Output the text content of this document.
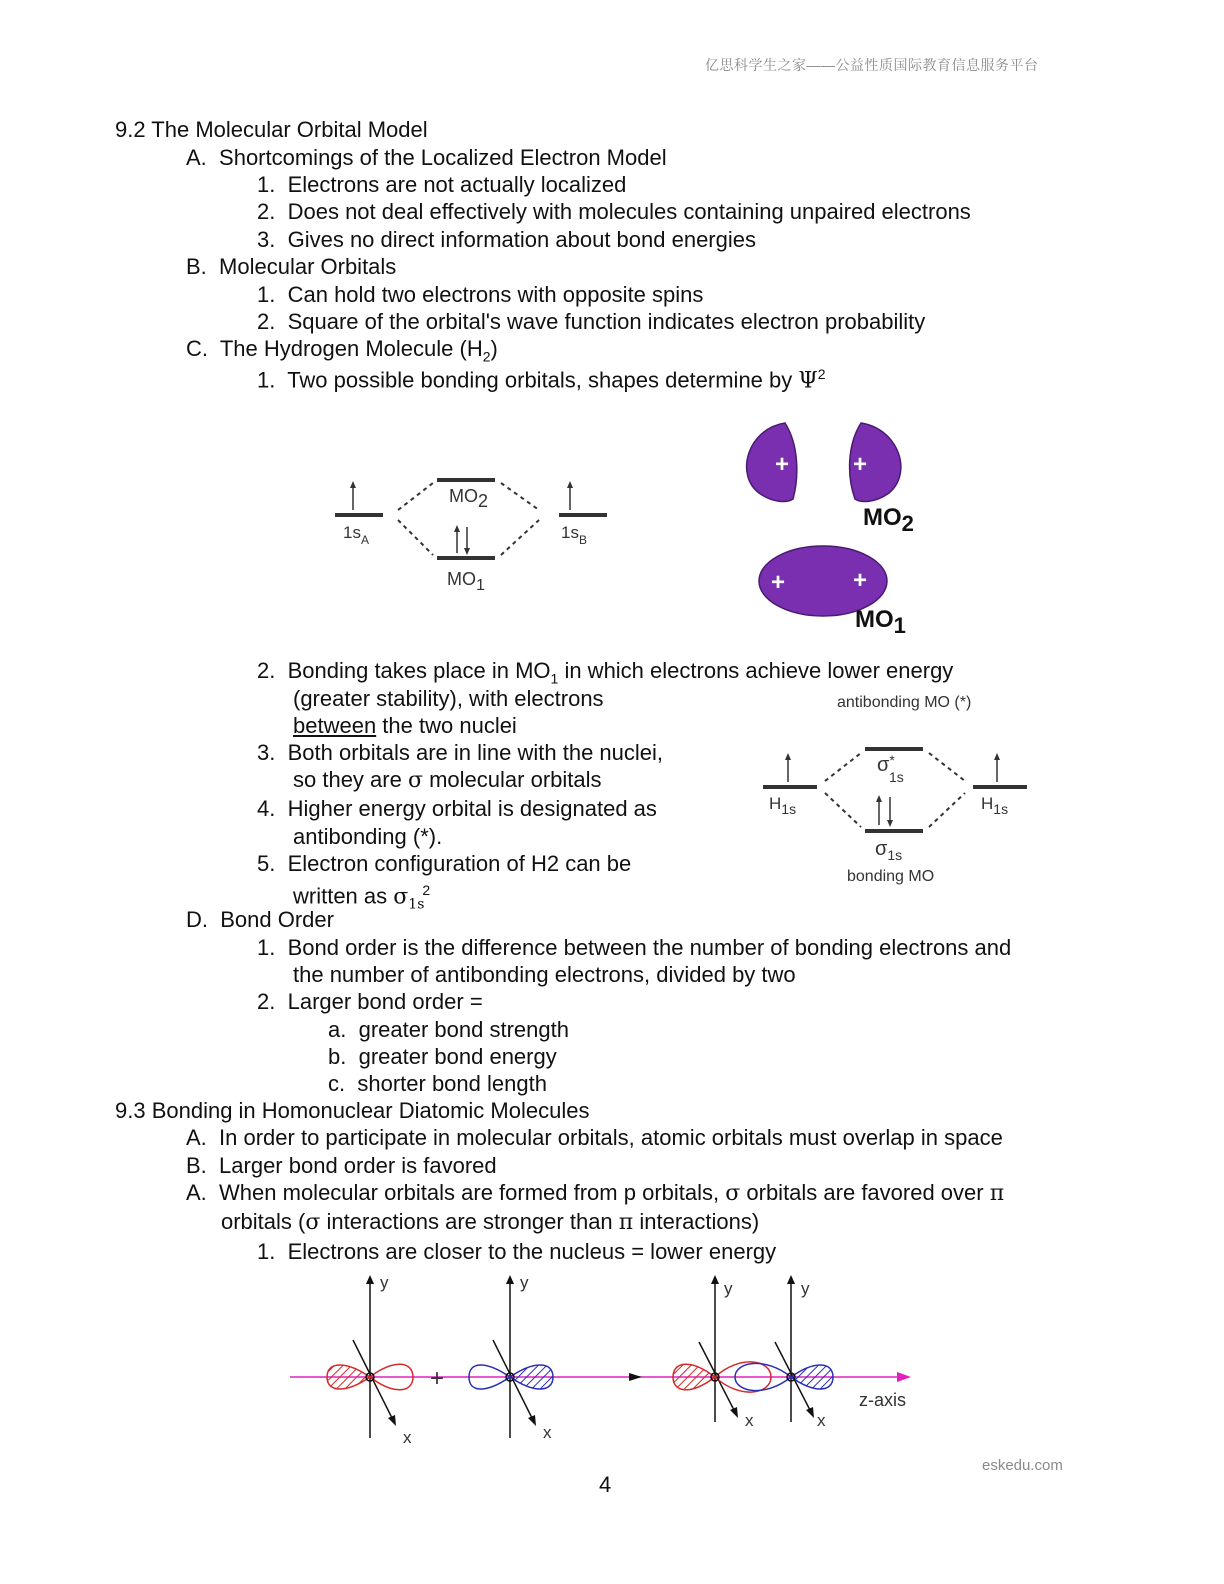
亿思科学生之家——公益性质国际教育信息服务平台
9.2 The Molecular Orbital Model
A. Shortcomings of the Localized Electron Model
1. Electrons are not actually localized
2. Does not deal effectively with molecules containing unpaired electrons
3. Gives no direct information about bond energies
B. Molecular Orbitals
1. Can hold two electrons with opposite spins
2. Square of the orbital's wave function indicates electron probability
C. The Hydrogen Molecule $(H_2)$
1. Two possible bonding orbitals, shapes determine by $\Psi^2$
MO2
MO1
$1s_A$	$1s_B$
+	+
MO2
+	+
MO1
2. Bonding takes place in $MO_1$ in which electrons achieve lower energy
(greater stability), with electrons
between the two nuclei
3. Both orbitals are in line with the nuclei,
so they are σ molecular orbitals
4. Higher energy orbital is designated as
antibonding (*).
5. Electron configuration of H2 can be
written as $\sigma_{1s}^2$
antibonding MO (*)
σ*
1s
$H_{1s}$	$H_{1s}$
$\sigma_{1s}$
bonding MO
D. Bond Order
1. Bond order is the difference between the number of bonding electrons and
the number of antibonding electrons, divided by two
2. Larger bond order =
a. greater bond strength
b. greater bond energy
c. shorter bond length
9.3 Bonding in Homonuclear Diatomic Molecules
A. In order to participate in molecular orbitals, atomic orbitals must overlap in space
B. Larger bond order is favored
A. When molecular orbitals are formed from p orbitals, σ orbitals are favored over π
orbitals (σ interactions are stronger than π interactions)
1. Electrons are closer to the nucleus = lower energy
z-axis
y
x
+
y
x
y
x
y
x
eskedu.com
4
